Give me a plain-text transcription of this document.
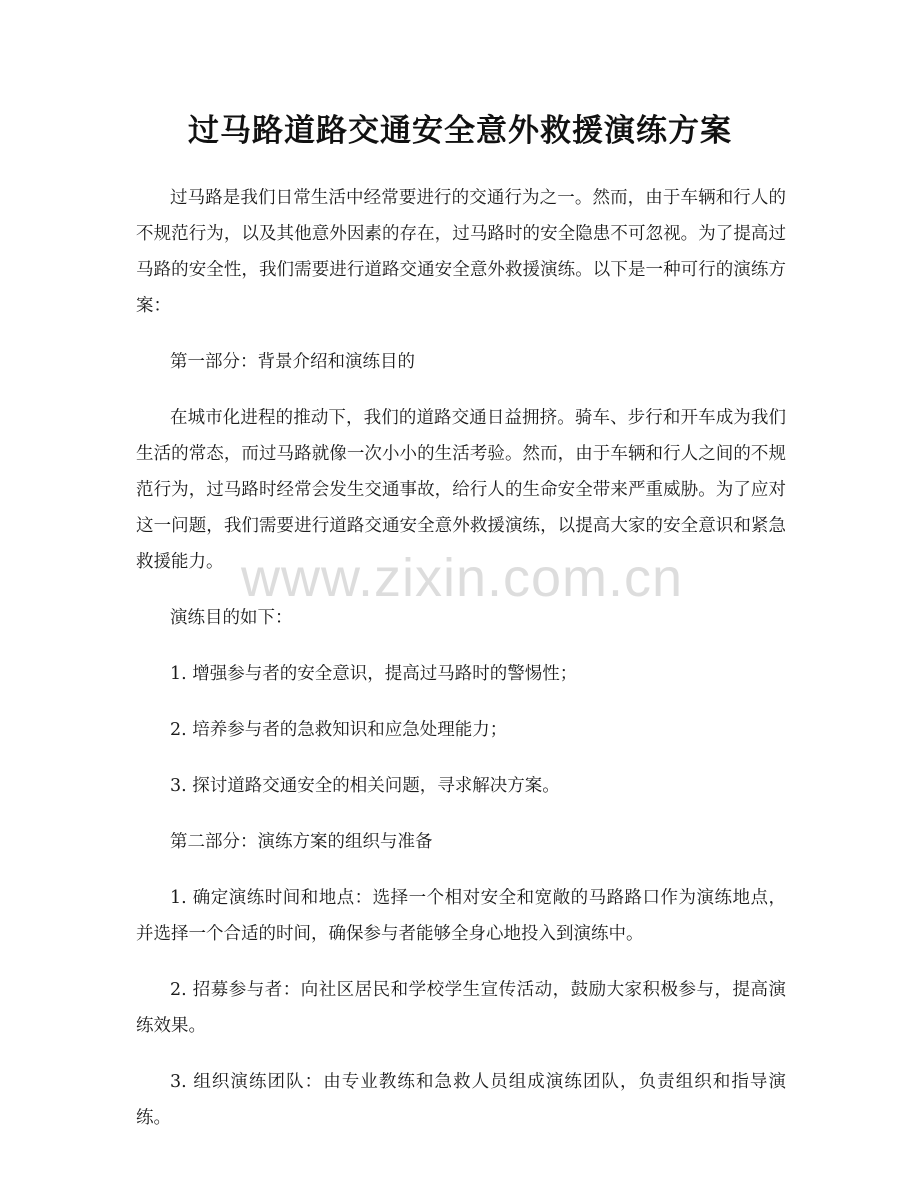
过马路道路交通安全意外救援演练方案

过马路是我们日常生活中经常要进行的交通行为之一。然而，由于车辆和行人的不规范行为，以及其他意外因素的存在，过马路时的安全隐患不可忽视。为了提高过马路的安全性，我们需要进行道路交通安全意外救援演练。以下是一种可行的演练方案：

第一部分：背景介绍和演练目的

在城市化进程的推动下，我们的道路交通日益拥挤。骑车、步行和开车成为我们生活的常态，而过马路就像一次小小的生活考验。然而，由于车辆和行人之间的不规范行为，过马路时经常会发生交通事故，给行人的生命安全带来严重威胁。为了应对这一问题，我们需要进行道路交通安全意外救援演练，以提高大家的安全意识和紧急救援能力。

演练目的如下：

1. 增强参与者的安全意识，提高过马路时的警惕性；

2. 培养参与者的急救知识和应急处理能力；

3. 探讨道路交通安全的相关问题，寻求解决方案。

第二部分：演练方案的组织与准备

1. 确定演练时间和地点：选择一个相对安全和宽敞的马路路口作为演练地点，并选择一个合适的时间，确保参与者能够全身心地投入到演练中。

2. 招募参与者：向社区居民和学校学生宣传活动，鼓励大家积极参与，提高演练效果。

3. 组织演练团队：由专业教练和急救人员组成演练团队，负责组织和指导演练。

www.zixin.com.cn
